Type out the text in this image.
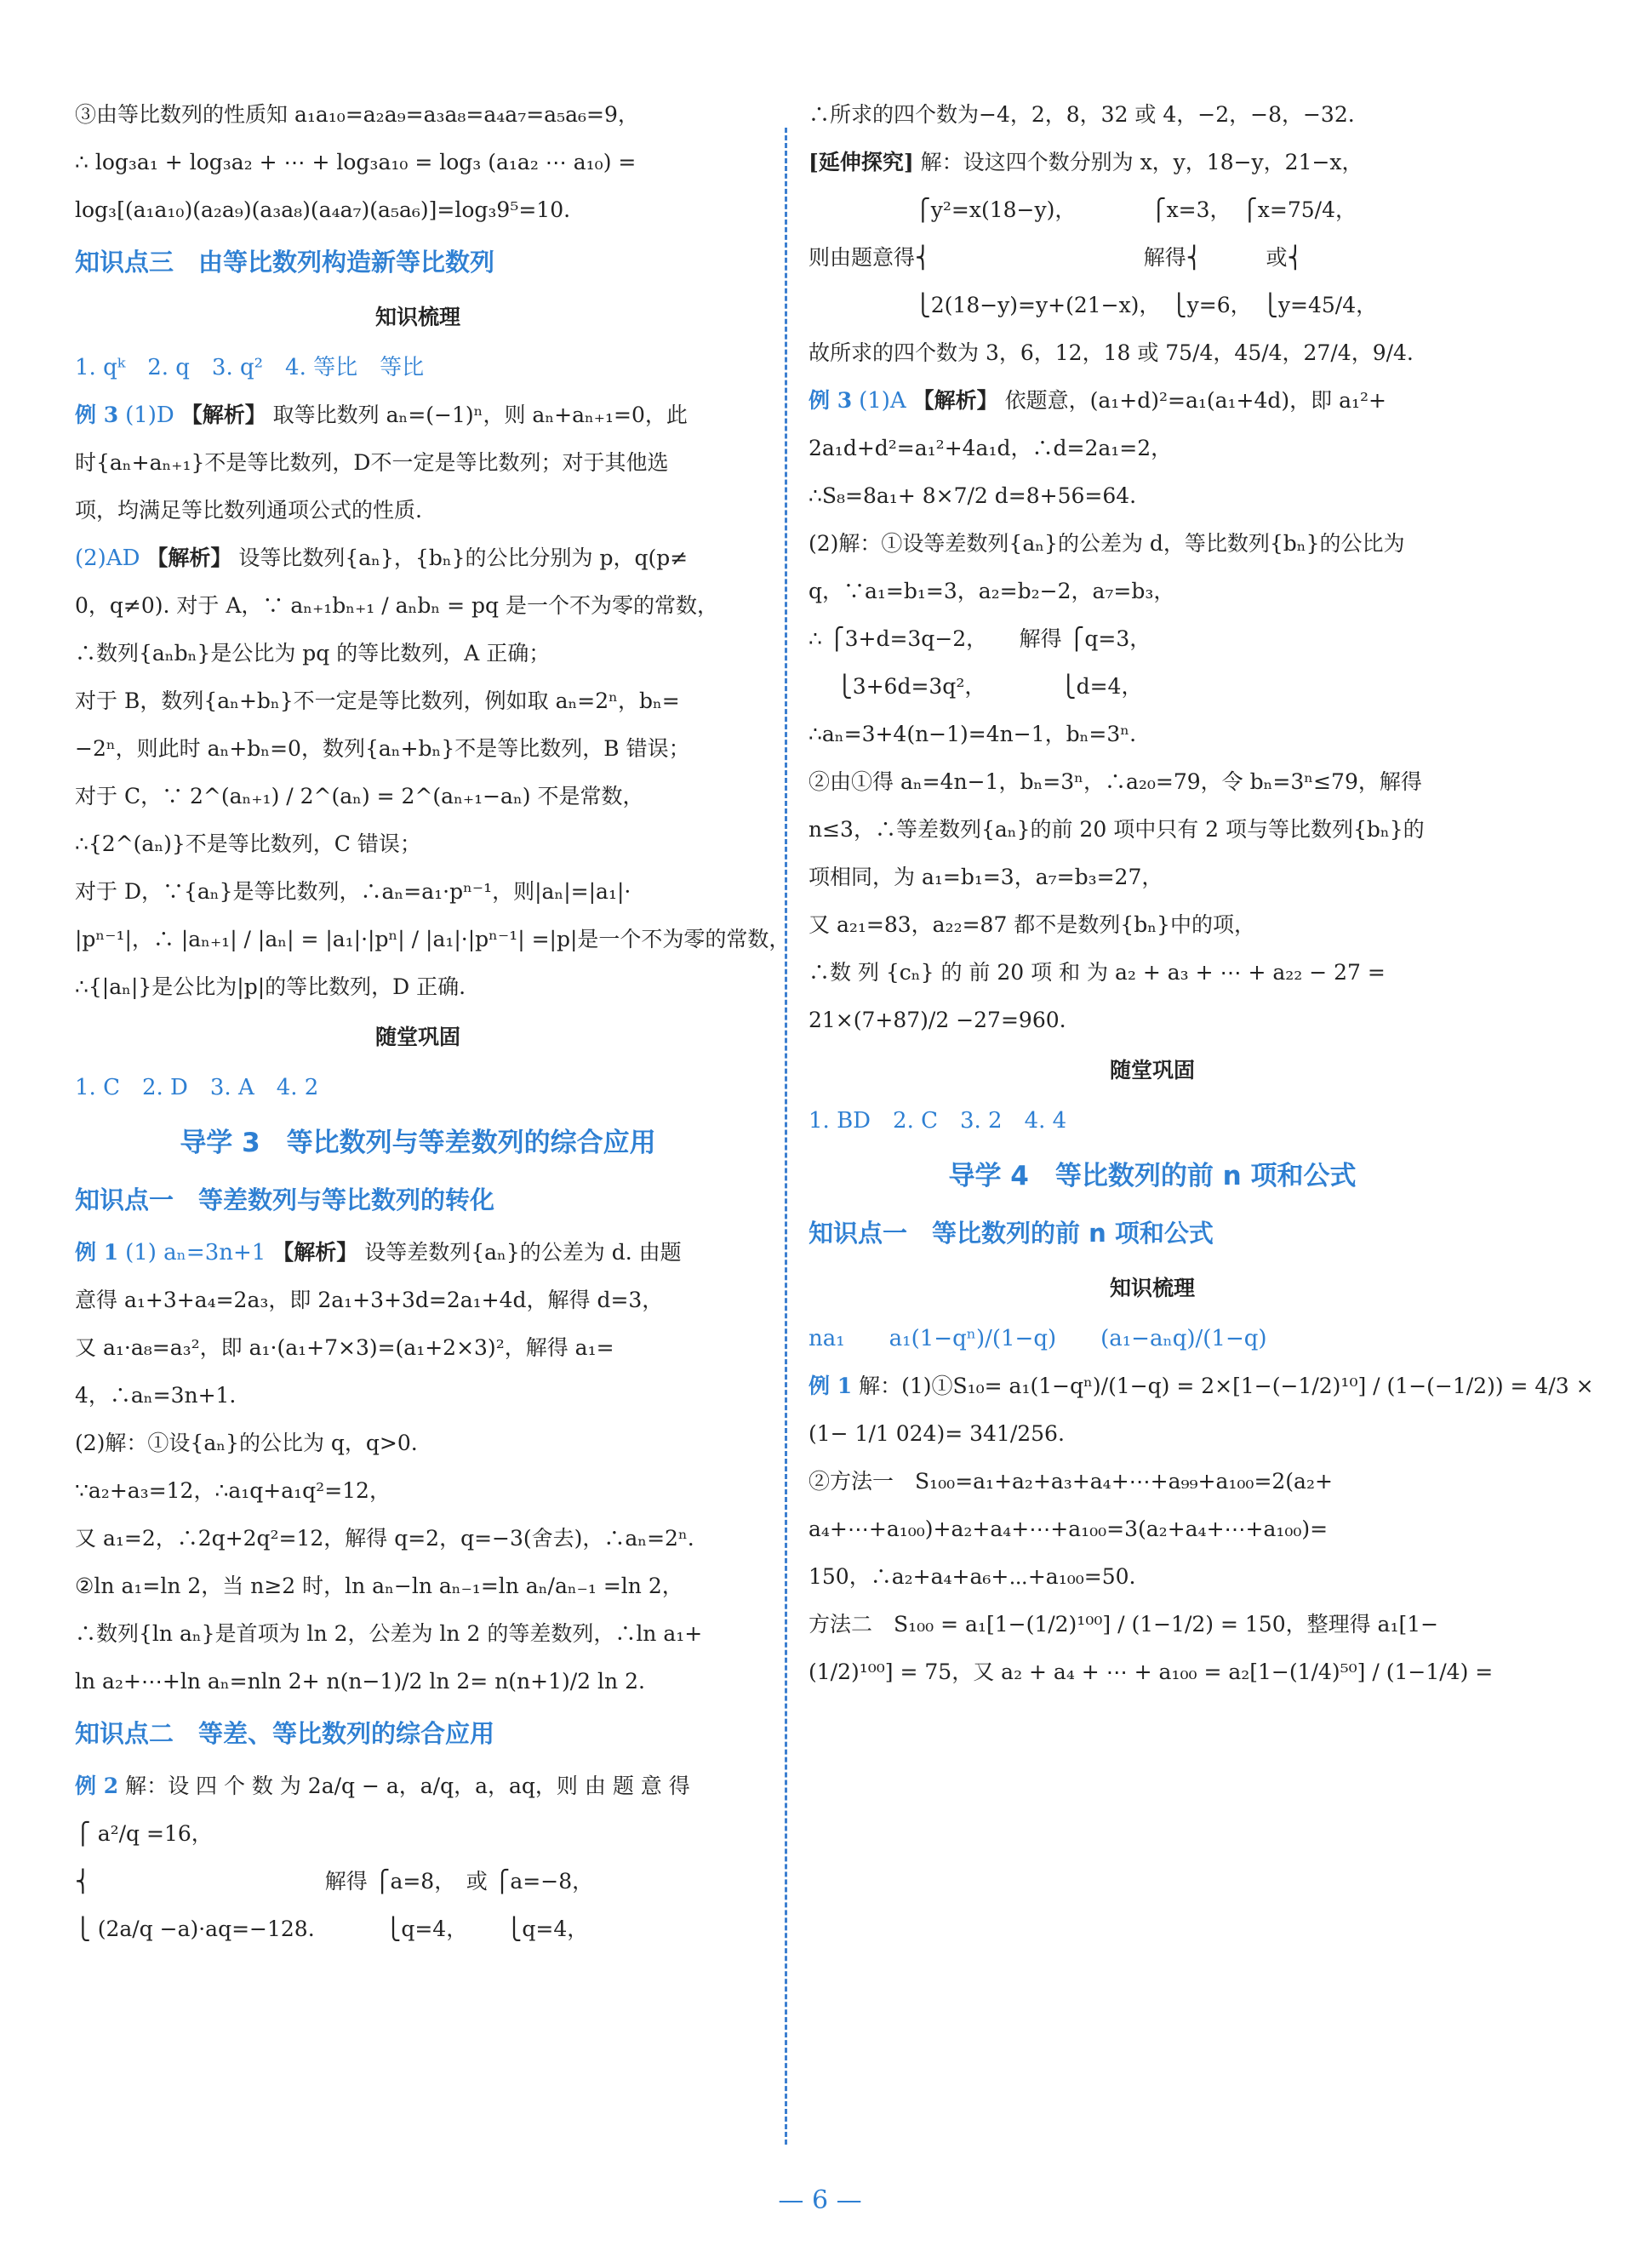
③由等比数列的性质知 a₁a₁₀=a₂a₉=a₃a₈=a₄a₇=a₅a₆=9，
∴ log₃a₁ + log₃a₂ + ⋯ + log₃a₁₀ = log₃ (a₁a₂ ⋯ a₁₀) =
log₃[(a₁a₁₀)(a₂a₉)(a₃a₈)(a₄a₇)(a₅a₆)]=log₃9⁵=10.
知识点三　由等比数列构造新等比数列
知识梳理
1. qᵏ　2. q　3. q²　4. 等比　等比
例 3 (1)D 【解析】 取等比数列 aₙ=(−1)ⁿ，则 aₙ+aₙ₊₁=0，此
时{aₙ+aₙ₊₁}不是等比数列，D不一定是等比数列；对于其他选
项，均满足等比数列通项公式的性质.
(2)AD 【解析】 设等比数列{aₙ}，{bₙ}的公比分别为 p，q(p≠
0，q≠0). 对于 A，∵ aₙ₊₁bₙ₊₁ / aₙbₙ = pq 是一个不为零的常数，
∴数列{aₙbₙ}是公比为 pq 的等比数列，A 正确；
对于 B，数列{aₙ+bₙ}不一定是等比数列，例如取 aₙ=2ⁿ，bₙ=
−2ⁿ，则此时 aₙ+bₙ=0，数列{aₙ+bₙ}不是等比数列，B 错误；
对于 C，∵ 2^(aₙ₊₁) / 2^(aₙ) = 2^(aₙ₊₁−aₙ) 不是常数，
∴{2^(aₙ)}不是等比数列，C 错误；
对于 D，∵{aₙ}是等比数列，∴aₙ=a₁·pⁿ⁻¹，则|aₙ|=|a₁|·
|pⁿ⁻¹|，∴ |aₙ₊₁| / |aₙ| = |a₁|·|pⁿ| / |a₁|·|pⁿ⁻¹| =|p|是一个不为零的常数，
∴{|aₙ|}是公比为|p|的等比数列，D 正确.
随堂巩固
1. C　2. D　3. A　4. 2
导学 3　等比数列与等差数列的综合应用
知识点一　等差数列与等比数列的转化
例 1 (1) aₙ=3n+1 【解析】 设等差数列{aₙ}的公差为 d. 由题
意得 a₁+3+a₄=2a₃，即 2a₁+3+3d=2a₁+4d，解得 d=3，
又 a₁·a₈=a₃²，即 a₁·(a₁+7×3)=(a₁+2×3)²，解得 a₁=
4，∴aₙ=3n+1.
(2)解：①设{aₙ}的公比为 q，q>0.
∵a₂+a₃=12，∴a₁q+a₁q²=12，
又 a₁=2，∴2q+2q²=12，解得 q=2，q=−3(舍去)，∴aₙ=2ⁿ.
②ln a₁=ln 2，当 n≥2 时，ln aₙ−ln aₙ₋₁=ln aₙ/aₙ₋₁ =ln 2，
∴数列{ln aₙ}是首项为 ln 2，公差为 ln 2 的等差数列，∴ln a₁+
ln a₂+⋯+ln aₙ=nln 2+ n(n−1)/2 ln 2= n(n+1)/2 ln 2.
知识点二　等差、等比数列的综合应用
例 2 解：设 四 个 数 为 2a/q − a，a/q，a，aq，则 由 题 意 得
⎧ a²/q =16，
⎨　　　　　　　　　　　解得 ⎧a=8，　或 ⎧a=−8，
⎩ (2a/q −a)·aq=−128.　　　 ⎩q=4，　　 ⎩q=4，
∴所求的四个数为−4，2，8，32 或 4，−2，−8，−32.
[延伸探究] 解：设这四个数分别为 x，y，18−y，21−x，
　　　　　⎧y²=x(18−y)，　　　　⎧x=3，　⎧x=75/4，
则由题意得⎨　　　　　　　　　　解得⎨　　　或⎨
　　　　　⎩2(18−y)=y+(21−x)，　⎩y=6，　⎩y=45/4，
故所求的四个数为 3，6，12，18 或 75/4，45/4，27/4，9/4.
例 3 (1)A 【解析】 依题意，(a₁+d)²=a₁(a₁+4d)，即 a₁²+
2a₁d+d²=a₁²+4a₁d，∴d=2a₁=2，
∴S₈=8a₁+ 8×7/2 d=8+56=64.
(2)解：①设等差数列{aₙ}的公差为 d，等比数列{bₙ}的公比为
q，∵a₁=b₁=3，a₂=b₂−2，a₇=b₃，
∴ ⎧3+d=3q−2，　　解得 ⎧q=3，
　 ⎩3+6d=3q²，　　　　⎩d=4，
∴aₙ=3+4(n−1)=4n−1，bₙ=3ⁿ.
②由①得 aₙ=4n−1，bₙ=3ⁿ，∴a₂₀=79，令 bₙ=3ⁿ≤79，解得
n≤3，∴等差数列{aₙ}的前 20 项中只有 2 项与等比数列{bₙ}的
项相同，为 a₁=b₁=3，a₇=b₃=27，
又 a₂₁=83，a₂₂=87 都不是数列{bₙ}中的项，
∴数 列 {cₙ} 的 前 20 项 和 为 a₂ + a₃ + ⋯ + a₂₂ − 27 =
21×(7+87)/2 −27=960.
随堂巩固
1. BD　2. C　3. 2　4. 4
导学 4　等比数列的前 n 项和公式
知识点一　等比数列的前 n 项和公式
知识梳理
na₁　　a₁(1−qⁿ)/(1−q)　　(a₁−aₙq)/(1−q)
例 1 解：(1)①S₁₀= a₁(1−qⁿ)/(1−q) = 2×[1−(−1/2)¹⁰] / (1−(−1/2)) = 4/3 ×
(1− 1/1 024)= 341/256.
②方法一　S₁₀₀=a₁+a₂+a₃+a₄+⋯+a₉₉+a₁₀₀=2(a₂+
a₄+⋯+a₁₀₀)+a₂+a₄+⋯+a₁₀₀=3(a₂+a₄+⋯+a₁₀₀)=
150，∴a₂+a₄+a₆+⋯+a₁₀₀=50.
方法二　S₁₀₀ = a₁[1−(1/2)¹⁰⁰] / (1−1/2) = 150，整理得 a₁[1−
(1/2)¹⁰⁰] = 75，又 a₂ + a₄ + ⋯ + a₁₀₀ = a₂[1−(1/4)⁵⁰] / (1−1/4) =
— 6 —
